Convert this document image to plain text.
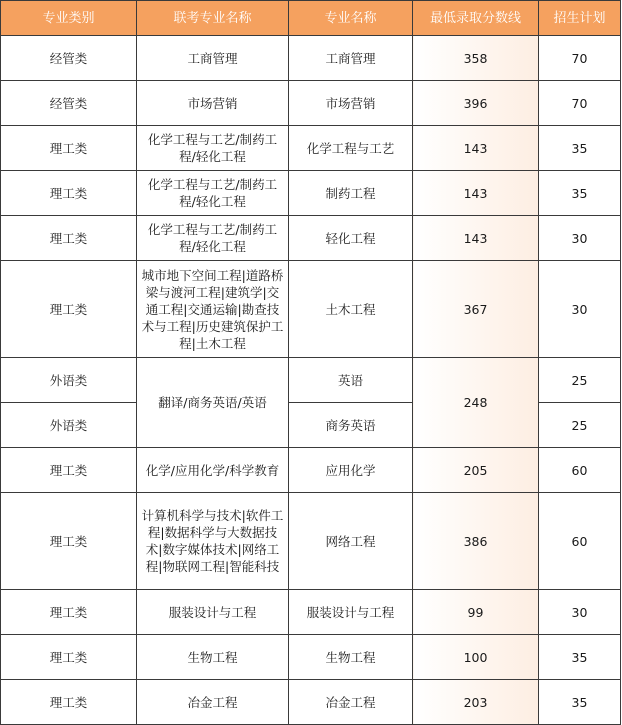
专业类别	联考专业名称	专业名称	最低录取分数线	招生计划
经管类	工商管理	工商管理	358	70
经管类	市场营销	市场营销	396	70
理工类	化学工程与工艺/制药工程/轻化工程	化学工程与工艺	143	35
理工类	化学工程与工艺/制药工程/轻化工程	制药工程	143	35
理工类	化学工程与工艺/制药工程/轻化工程	轻化工程	143	30
理工类	城市地下空间工程|道路桥梁与渡河工程|建筑学|交通工程|交通运输|勘查技术与工程|历史建筑保护工程|土木工程	土木工程	367	30
外语类	翻译/商务英语/英语	英语	248	25
外语类		商务英语		25
理工类	化学/应用化学/科学教育	应用化学	205	60
理工类	计算机科学与技术|软件工程|数据科学与大数据技术|数字媒体技术|网络工程|物联网工程|智能科技	网络工程	386	60
理工类	服装设计与工程	服装设计与工程	99	30
理工类	生物工程	生物工程	100	35
理工类	冶金工程	冶金工程	203	35
